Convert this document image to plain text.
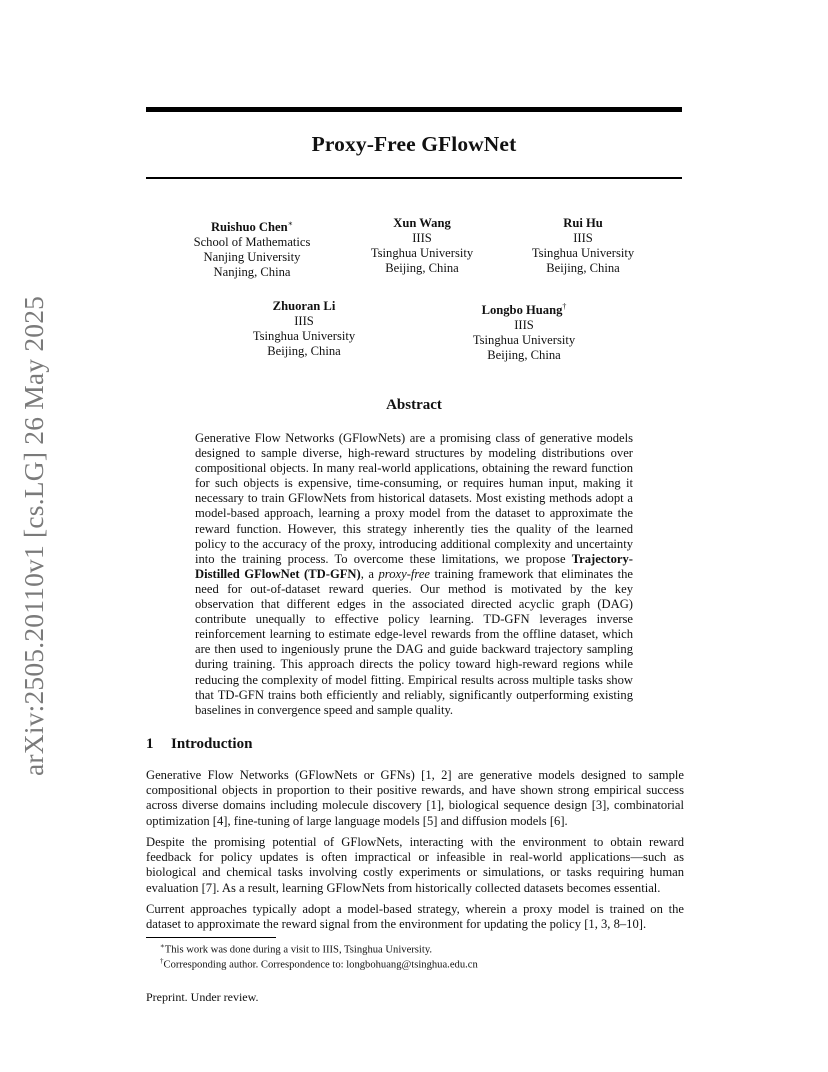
arXiv:2505.20110v1 [cs.LG] 26 May 2025
Proxy-Free GFlowNet
Ruishuo Chen∗
School of Mathematics
Nanjing University
Nanjing, China
Xun Wang
IIIS
Tsinghua University
Beijing, China
Rui Hu
IIIS
Tsinghua University
Beijing, China
Zhuoran Li
IIIS
Tsinghua University
Beijing, China
Longbo Huang†
IIIS
Tsinghua University
Beijing, China
Abstract
Generative Flow Networks (GFlowNets) are a promising class of generative models designed to sample diverse, high-reward structures by modeling distributions over compositional objects. In many real-world applications, obtaining the reward function for such objects is expensive, time-consuming, or requires human input, making it necessary to train GFlowNets from historical datasets. Most existing methods adopt a model-based approach, learning a proxy model from the dataset to approximate the reward function. However, this strategy inherently ties the quality of the learned policy to the accuracy of the proxy, introducing additional complexity and uncertainty into the training process. To overcome these limitations, we propose Trajectory-Distilled GFlowNet (TD-GFN), a proxy-free training framework that eliminates the need for out-of-dataset reward queries. Our method is motivated by the key observation that different edges in the associated directed acyclic graph (DAG) contribute unequally to effective policy learning. TD-GFN leverages inverse reinforcement learning to estimate edge-level rewards from the offline dataset, which are then used to ingeniously prune the DAG and guide backward trajectory sampling during training. This approach directs the policy toward high-reward regions while reducing the complexity of model fitting. Empirical results across multiple tasks show that TD-GFN trains both efficiently and reliably, significantly outperforming existing baselines in convergence speed and sample quality.
1 Introduction
Generative Flow Networks (GFlowNets or GFNs) [1, 2] are generative models designed to sample compositional objects in proportion to their positive rewards, and have shown strong empirical success across diverse domains including molecule discovery [1], biological sequence design [3], combinatorial optimization [4], fine-tuning of large language models [5] and diffusion models [6].
Despite the promising potential of GFlowNets, interacting with the environment to obtain reward feedback for policy updates is often impractical or infeasible in real-world applications—such as biological and chemical tasks involving costly experiments or simulations, or tasks requiring human evaluation [7]. As a result, learning GFlowNets from historically collected datasets becomes essential.
Current approaches typically adopt a model-based strategy, wherein a proxy model is trained on the dataset to approximate the reward signal from the environment for updating the policy [1, 3, 8–10].
∗This work was done during a visit to IIIS, Tsinghua University.
†Corresponding author. Correspondence to: longbohuang@tsinghua.edu.cn
Preprint. Under review.
